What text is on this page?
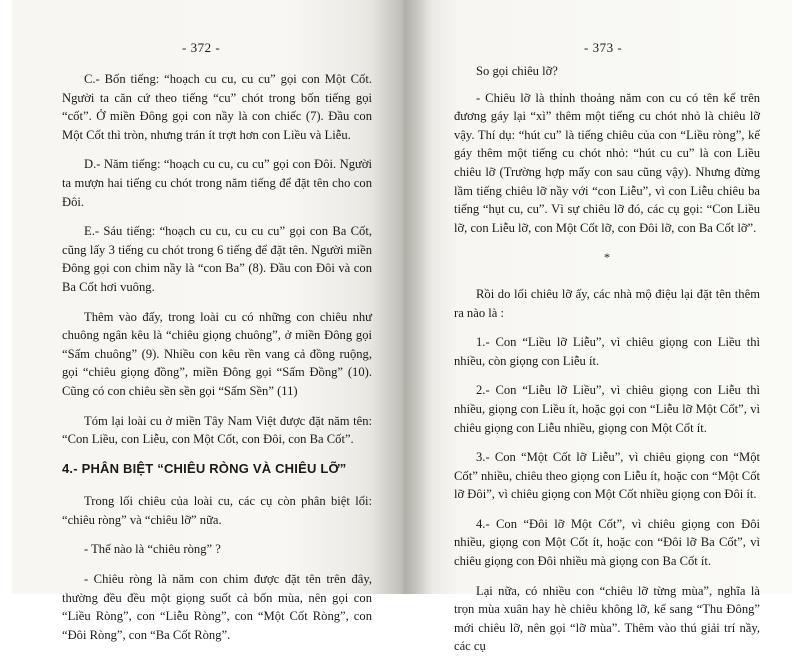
- 372 -

C.- Bốn tiếng: “hoạch cu cu, cu cu” gọi con Một Cốt. Người ta căn cứ theo tiếng “cu” chót trong bốn tiếng gọi “cốt”. Ở miền Đông gọi con nầy là con chiếc (7). Đầu con Một Cốt thì tròn, nhưng trán ít trợt hơn con Liều và Liễu.

D.- Năm tiếng: “hoạch cu cu, cu cu” gọi con Đôi. Người ta mượn hai tiếng cu chót trong năm tiếng để đặt tên cho con Đôi.

E.- Sáu tiếng: “hoạch cu cu, cu cu cu” gọi con Ba Cốt, cũng lấy 3 tiếng cu chót trong 6 tiếng để đặt tên. Người miền Đông gọi con chim nầy là “con Ba” (8). Đầu con Đôi và con Ba Cốt hơi vuông.

Thêm vào đấy, trong loài cu có những con chiêu như chuông ngân kêu là “chiêu giọng chuông”, ở miền Đông gọi “Sấm chuông” (9). Nhiều con kêu rền vang cả đồng ruộng, gọi “chiêu giọng đồng”, miền Đông gọi “Sấm Đồng” (10). Cũng có con chiêu sền sền gọi “Sấm Sền” (11)

Tóm lại loài cu ở miền Tây Nam Việt được đặt năm tên: “Con Liều, con Liễu, con Một Cốt, con Đôi, con Ba Cốt”.

4.- PHÂN BIỆT “CHIÊU RÒNG VÀ CHIÊU LỠ”

Trong lối chiêu của loài cu, các cụ còn phân biệt lối: “chiêu ròng” và “chiêu lỡ” nữa.

- Thế nào là “chiêu ròng” ?

- Chiêu ròng là năm con chim được đặt tên trên đây, thường đều đều một giọng suốt cả bốn mùa, nên gọi con “Liều Ròng”, con “Liễu Ròng”, con “Một Cốt Ròng”, con “Đôi Ròng”, con “Ba Cốt Ròng”.

- 373 -

So gọi chiêu lỡ?

- Chiêu lỡ là thỉnh thoảng năm con cu có tên kể trên đương gáy lại “xì” thêm một tiếng cu chót nhỏ là chiêu lỡ vậy. Thí dụ: “hút cu” là tiếng chiêu của con “Liều ròng”, kế gáy thêm một tiếng cu chót nhỏ: “hút cu cu” là con Liều chiêu lỡ (Trường hợp mấy con sau cũng vậy). Nhưng đừng lầm tiếng chiêu lỡ nầy với “con Liễu”, vì con Liễu chiêu ba tiếng “hụt cu, cu”. Vì sự chiêu lỡ đó, các cụ gọi: “Con Liều lỡ, con Liễu lỡ, con Một Cốt lỡ, con Đôi lỡ, con Ba Cốt lỡ”.

*

Rồi do lối chiêu lỡ ấy, các nhà mộ điệu lại đặt tên thêm ra nào là :

1.- Con “Liều lỡ Liễu”, vì chiêu giọng con Liều thì nhiều, còn giọng con Liễu ít.

2.- Con “Liễu lỡ Liều”, vì chiêu giọng con Liễu thì nhiều, giọng con Liều ít, hoặc gọi con “Liễu lỡ Một Cốt”, vì chiêu giọng con Liễu nhiều, giọng con Một Cốt ít.

3.- Con “Một Cốt lỡ Liễu”, vì chiêu giọng con “Một Cốt” nhiều, chiêu theo giọng con Liễu ít, hoặc con “Một Cốt lỡ Đôi”, vì chiêu giọng con Một Cốt nhiều giọng con Đôi ít.

4.- Con “Đôi lỡ Một Cốt”, vì chiêu giọng con Đôi nhiều, giọng con Một Cốt ít, hoặc con “Đôi lỡ Ba Cốt”, vì chiêu giọng con Đôi nhiều mà giọng con Ba Cốt ít.

Lại nữa, có nhiều con “chiêu lỡ từng mùa”, nghĩa là trọn mùa xuân hay hè chiêu không lỡ, kế sang “Thu Đông” mới chiêu lỡ, nên gọi “lỡ mùa”. Thêm vào thú giải trí nầy, các cụ
